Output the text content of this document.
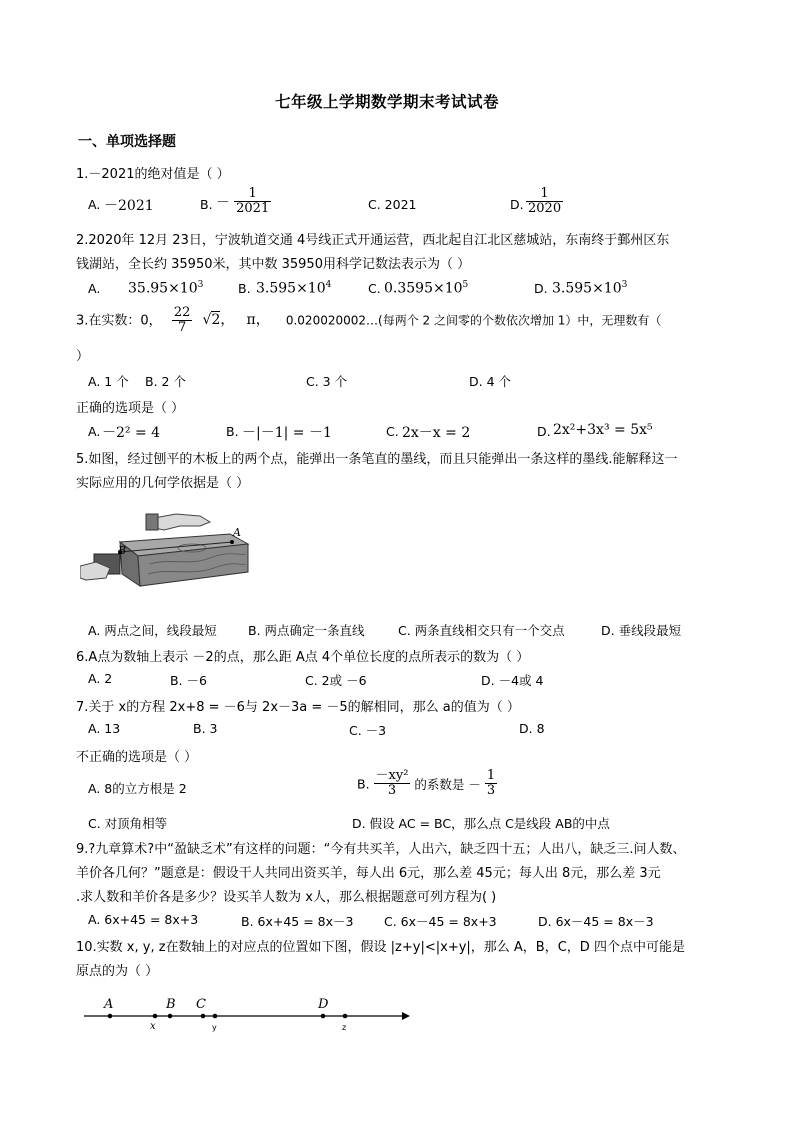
七年级上学期数学期末考试试卷
一、单项选择题
1.－2021的绝对值是（ ）
A. －2021	B. － $\frac{1}{2021}$	C. 2021	D. $\frac{1}{2020}$
2.2020年 12月 23日，宁波轨道交通 4号线正式开通运营，西北起自江北区慈城站，东南终于鄞州区东
钱湖站，全长约 35950米，其中数 35950用科学记数法表示为（ ）
A. $35.95\times 10^3$	B. $3.595\times 10^4$	C. $0.3595\times 10^5$	D. $3.595\times 10^3$
3.在实数：0， $\frac{22}{7} √2$， π， 0.020020002…(每两个 2 之间零的个数依次增加 1）中，无理数有（
）
A. 1 个 B. 2 个	C. 3 个	D. 4 个
正确的选项是（ ）
A. －2² = 4	B. －|－1| = －1	C. 2x－x = 2	D. 2x²+3x³ = 5x⁵
5.如图，经过刨平的木板上的两个点，能弹出一条笔直的墨线，而且只能弹出一条这样的墨线.能解释这一
实际应用的几何学依据是（ ）
A
B
A. 两点之间，线段最短 B. 两点确定一条直线	C. 两条直线相交只有一个交点	D. 垂线段最短
6.A点为数轴上表示 －2的点，那么距 A点 4个单位长度的点所表示的数为（ ）
A. 2	B. －6	C. 2或 －6	D. －4或 4
7.关于 x的方程 2x+8 = －6与 2x－3a = －5的解相同，那么 a的值为（ ）
A. 13	B. 3	C. －3	D. 8
不正确的选项是（ ）
A. 8的立方根是 2	B. $\frac{\text{－xy²}}{3}$ 的系数是 － $\frac{1}{3}$
C. 对顶角相等	D. 假设 AC = BC，那么点 C是线段 AB的中点
9.?九章算术?中“盈缺乏术”有这样的问题：“今有共买羊，人出六，缺乏四十五；人出八，缺乏三.问人数、
羊价各几何？”题意是：假设干人共同出资买羊，每人出 6元，那么差 45元；每人出 8元，那么差 3元
.求人数和羊价各是多少？设买羊人数为 x人，那么根据题意可列方程为( )
A. 6x+45 = 8x+3	B. 6x+45 = 8x－3 C. 6x－45 = 8x+3	D. 6x－45 = 8x－3
10.实数 x, y, z在数轴上的对应点的位置如下图，假设 |z+y|<|x+y|，那么 A，B，C，D 四个点中可能是
原点的为（ ）
A	B C	D
x	y	z
